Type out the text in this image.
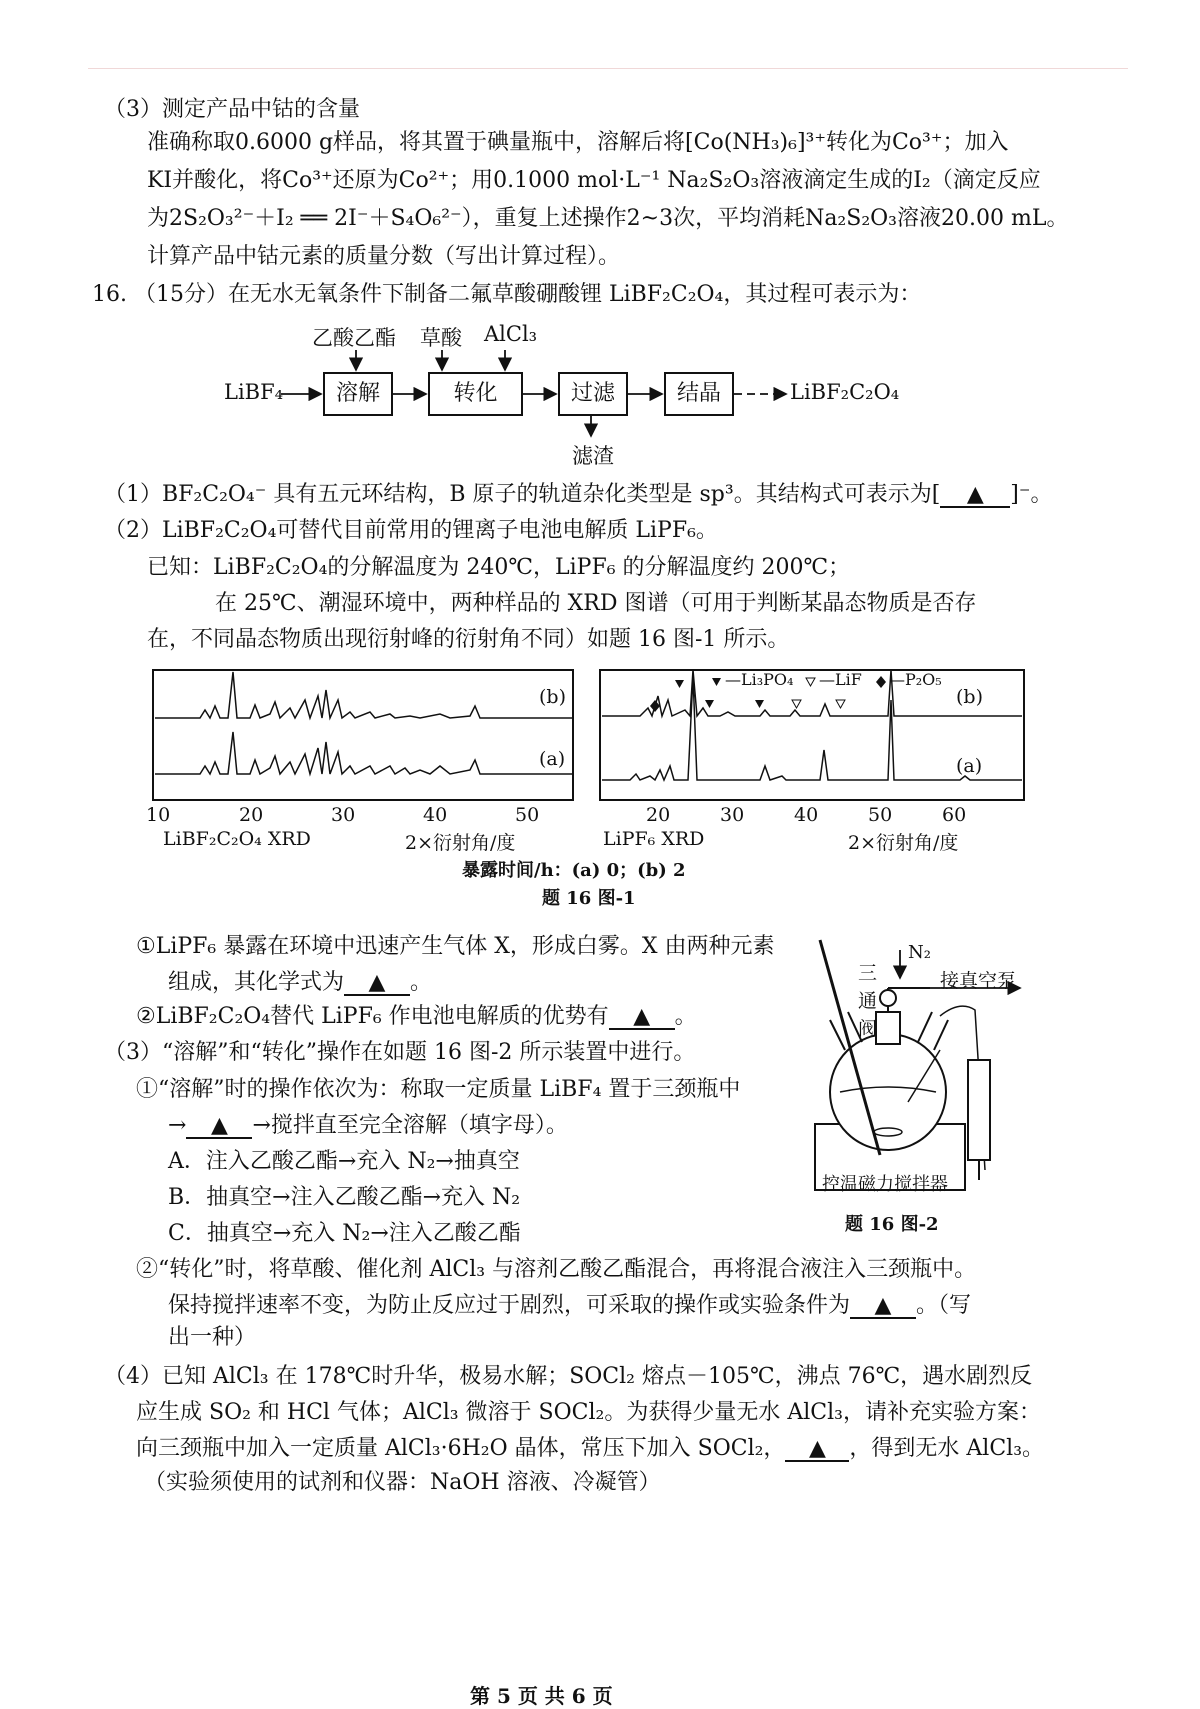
（3）测定产品中钴的含量
准确称取0.6000 g样品，将其置于碘量瓶中，溶解后将[Co(NH₃)₆]³⁺转化为Co³⁺；加入
KI并酸化，将Co³⁺还原为Co²⁺；用0.1000 mol·L⁻¹ Na₂S₂O₃溶液滴定生成的I₂（滴定反应
为2S₂O₃²⁻＋I₂ ══ 2I⁻＋S₄O₆²⁻），重复上述操作2~3次，平均消耗Na₂S₂O₃溶液20.00 mL。
计算产品中钴元素的质量分数（写出计算过程）。
16. （15分）在无水无氧条件下制备二氟草酸硼酸锂 LiBF₂C₂O₄，其过程可表示为：
乙酸乙酯 草酸 AlCl₃
LiBF₄	溶解	转化	过滤	结晶	LiBF₂C₂O₄
滤渣
（1）BF₂C₂O₄⁻ 具有五元环结构，B 原子的轨道杂化类型是 sp³。其结构式可表示为[ ▲ ]⁻。
（2）LiBF₂C₂O₄可替代目前常用的锂离子电池电解质 LiPF₆。
已知：LiBF₂C₂O₄的分解温度为 240℃，LiPF₆ 的分解温度约 200℃；
在 25℃、潮湿环境中，两种样品的 XRD 图谱（可用于判断某晶态物质是否存
在，不同晶态物质出现衍射峰的衍射角不同）如题 16 图-1 所示。
(b)
(a)
10	20	30	40	50
LiBF₂C₂O₄ XRD	2×衍射角/度
(b)
(a)
—Li₃PO₄ —LiF —P₂O₅
20	30	40	50	60
LiPF₆ XRD	2×衍射角/度
暴露时间/h：(a) 0；(b) 2
题 16 图-1
①LiPF₆ 暴露在环境中迅速产生气体 X，形成白雾。X 由两种元素
组成，其化学式为 ▲ 。
②LiBF₂C₂O₄替代 LiPF₆ 作电池电解质的优势有 ▲ 。
（3）“溶解”和“转化”操作在如题 16 图-2 所示装置中进行。
①“溶解”时的操作依次为：称取一定质量 LiBF₄ 置于三颈瓶中
→ ▲ →搅拌直至完全溶解（填字母）。
A．注入乙酸乙酯→充入 N₂→抽真空
B．抽真空→注入乙酸乙酯→充入 N₂
C．抽真空→充入 N₂→注入乙酸乙酯
N₂
三
通
阀
接真空泵
控温磁力搅拌器
题 16 图-2
②“转化”时，将草酸、催化剂 AlCl₃ 与溶剂乙酸乙酯混合，再将混合液注入三颈瓶中。
保持搅拌速率不变，为防止反应过于剧烈，可采取的操作或实验条件为 ▲ 。（写
出一种）
（4）已知 AlCl₃ 在 178℃时升华，极易水解；SOCl₂ 熔点－105℃，沸点 76℃，遇水剧烈反
应生成 SO₂ 和 HCl 气体；AlCl₃ 微溶于 SOCl₂。为获得少量无水 AlCl₃，请补充实验方案：
向三颈瓶中加入一定质量 AlCl₃·6H₂O 晶体，常压下加入 SOCl₂， ▲ ，得到无水 AlCl₃。
（实验须使用的试剂和仪器：NaOH 溶液、冷凝管）
第 5 页 共 6 页
